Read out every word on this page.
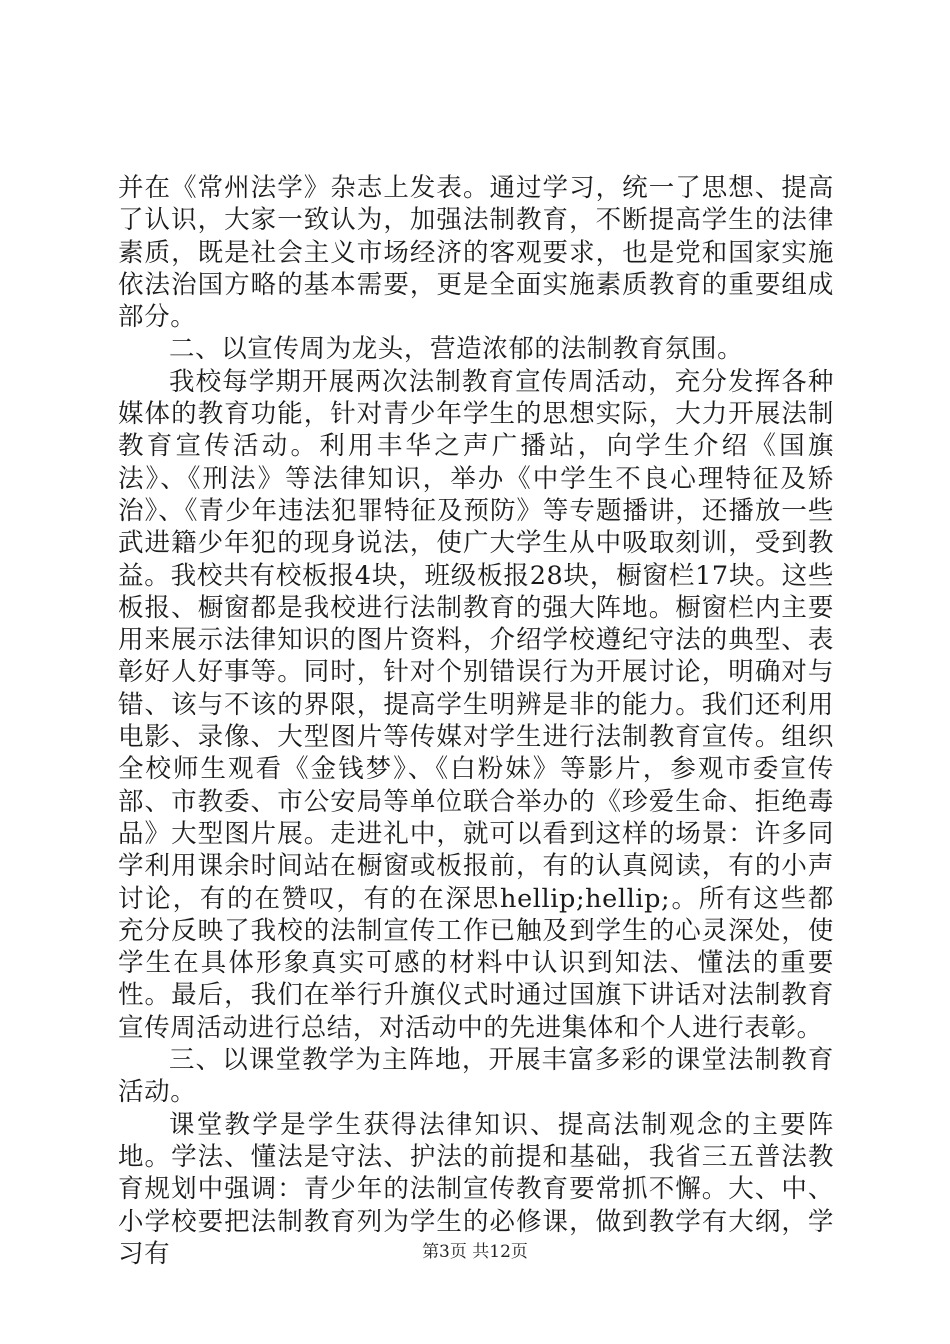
并在《常州法学》杂志上发表。通过学习，统一了思想、提高了认识，大家一致认为，加强法制教育，不断提高学生的法律素质，既是社会主义市场经济的客观要求，也是党和国家实施依法治国方略的基本需要，更是全面实施素质教育的重要组成部分。

二、以宣传周为龙头，营造浓郁的法制教育氛围。

我校每学期开展两次法制教育宣传周活动，充分发挥各种媒体的教育功能，针对青少年学生的思想实际，大力开展法制教育宣传活动。利用丰华之声广播站，向学生介绍《国旗法》、《刑法》等法律知识，举办《中学生不良心理特征及矫治》、《青少年违法犯罪特征及预防》等专题播讲，还播放一些武进籍少年犯的现身说法，使广大学生从中吸取刻训，受到教益。我校共有校板报4块，班级板报28块，橱窗栏17块。这些板报、橱窗都是我校进行法制教育的强大阵地。橱窗栏内主要用来展示法律知识的图片资料，介绍学校遵纪守法的典型、表彰好人好事等。同时，针对个别错误行为开展讨论，明确对与错、该与不该的界限，提高学生明辨是非的能力。我们还利用电影、录像、大型图片等传媒对学生进行法制教育宣传。组织全校师生观看《金钱梦》、《白粉妹》等影片，参观市委宣传部、市教委、市公安局等单位联合举办的《珍爱生命、拒绝毒品》大型图片展。走进礼中，就可以看到这样的场景：许多同学利用课余时间站在橱窗或板报前，有的认真阅读，有的小声讨论，有的在赞叹，有的在深思hellip;hellip;。所有这些都充分反映了我校的法制宣传工作已触及到学生的心灵深处，使学生在具体形象真实可感的材料中认识到知法、懂法的重要性。最后，我们在举行升旗仪式时通过国旗下讲话对法制教育宣传周活动进行总结，对活动中的先进集体和个人进行表彰。

三、以课堂教学为主阵地，开展丰富多彩的课堂法制教育活动。

课堂教学是学生获得法律知识、提高法制观念的主要阵地。学法、懂法是守法、护法的前提和基础，我省三五普法教育规划中强调：青少年的法制宣传教育要常抓不懈。大、中、小学校要把法制教育列为学生的必修课，做到教学有大纲，学习有	第3页 共12页
